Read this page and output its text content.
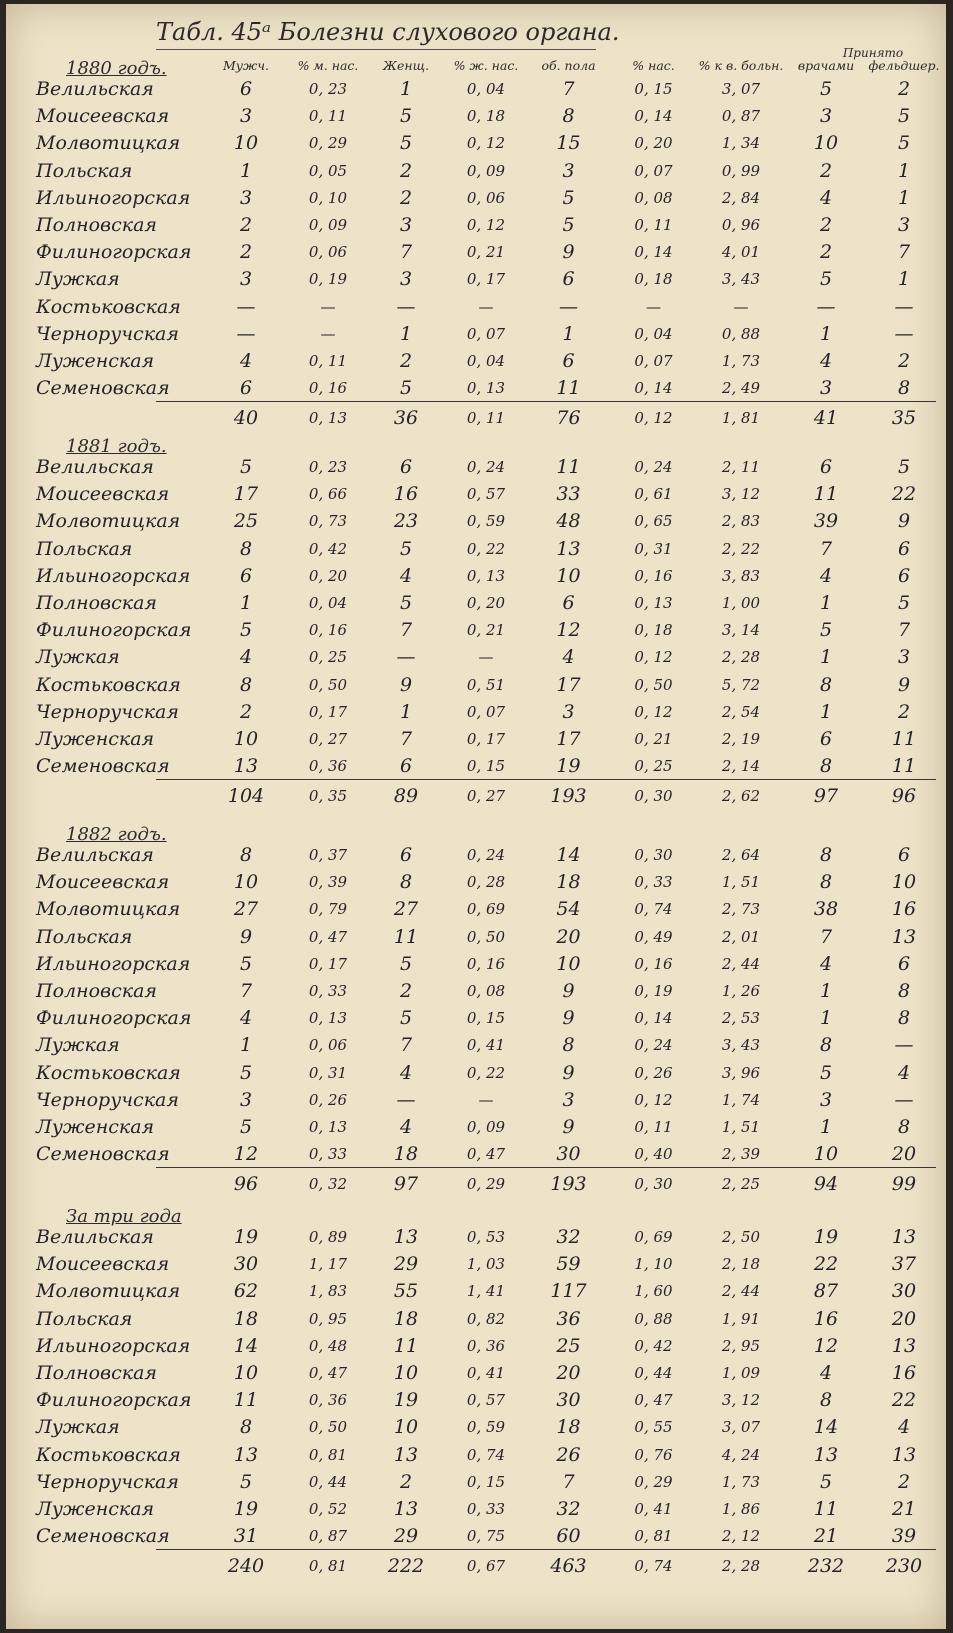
Табл. 45ᵃ Болезни слухового органа.
Мужч.	% м. нас.	Женщ.	% ж. нас.	об. пола	% нас.	% к в. больн.
Принято
врачами	фельдшер.
1880 годъ.
Велильская	6	0, 23	1	0, 04	7	0, 15	3, 07	5	2
Моисеевская	3	0, 11	5	0, 18	8	0, 14	0, 87	3	5
Молвотицкая	10	0, 29	5	0, 12	15	0, 20	1, 34	10	5
Польская	1	0, 05	2	0, 09	3	0, 07	0, 99	2	1
Ильиногорская	3	0, 10	2	0, 06	5	0, 08	2, 84	4	1
Полновская	2	0, 09	3	0, 12	5	0, 11	0, 96	2	3
Филиногорская	2	0, 06	7	0, 21	9	0, 14	4, 01	2	7
Лужкая	3	0, 19	3	0, 17	6	0, 18	3, 43	5	1
Костьковская	—	—	—	—	—	—	—	—	—
Черноручская	—	—	1	0, 07	1	0, 04	0, 88	1	—
Луженская	4	0, 11	2	0, 04	6	0, 07	1, 73	4	2
Семеновская	6	0, 16	5	0, 13	11	0, 14	2, 49	3	8
40	0, 13	36	0, 11	76	0, 12	1, 81	41	35
1881 годъ.
Велильская	5	0, 23	6	0, 24	11	0, 24	2, 11	6	5
Моисеевская	17	0, 66	16	0, 57	33	0, 61	3, 12	11	22
Молвотицкая	25	0, 73	23	0, 59	48	0, 65	2, 83	39	9
Польская	8	0, 42	5	0, 22	13	0, 31	2, 22	7	6
Ильиногорская	6	0, 20	4	0, 13	10	0, 16	3, 83	4	6
Полновская	1	0, 04	5	0, 20	6	0, 13	1, 00	1	5
Филиногорская	5	0, 16	7	0, 21	12	0, 18	3, 14	5	7
Лужкая	4	0, 25	—	—	4	0, 12	2, 28	1	3
Костьковская	8	0, 50	9	0, 51	17	0, 50	5, 72	8	9
Черноручская	2	0, 17	1	0, 07	3	0, 12	2, 54	1	2
Луженская	10	0, 27	7	0, 17	17	0, 21	2, 19	6	11
Семеновская	13	0, 36	6	0, 15	19	0, 25	2, 14	8	11
104	0, 35	89	0, 27	193	0, 30	2, 62	97	96
1882 годъ.
Велильская	8	0, 37	6	0, 24	14	0, 30	2, 64	8	6
Моисеевская	10	0, 39	8	0, 28	18	0, 33	1, 51	8	10
Молвотицкая	27	0, 79	27	0, 69	54	0, 74	2, 73	38	16
Польская	9	0, 47	11	0, 50	20	0, 49	2, 01	7	13
Ильиногорская	5	0, 17	5	0, 16	10	0, 16	2, 44	4	6
Полновская	7	0, 33	2	0, 08	9	0, 19	1, 26	1	8
Филиногорская	4	0, 13	5	0, 15	9	0, 14	2, 53	1	8
Лужкая	1	0, 06	7	0, 41	8	0, 24	3, 43	8	—
Костьковская	5	0, 31	4	0, 22	9	0, 26	3, 96	5	4
Черноручская	3	0, 26	—	—	3	0, 12	1, 74	3	—
Луженская	5	0, 13	4	0, 09	9	0, 11	1, 51	1	8
Семеновская	12	0, 33	18	0, 47	30	0, 40	2, 39	10	20
96	0, 32	97	0, 29	193	0, 30	2, 25	94	99
За три года
Велильская	19	0, 89	13	0, 53	32	0, 69	2, 50	19	13
Моисеевская	30	1, 17	29	1, 03	59	1, 10	2, 18	22	37
Молвотицкая	62	1, 83	55	1, 41	117	1, 60	2, 44	87	30
Польская	18	0, 95	18	0, 82	36	0, 88	1, 91	16	20
Ильиногорская	14	0, 48	11	0, 36	25	0, 42	2, 95	12	13
Полновская	10	0, 47	10	0, 41	20	0, 44	1, 09	4	16
Филиногорская	11	0, 36	19	0, 57	30	0, 47	3, 12	8	22
Лужкая	8	0, 50	10	0, 59	18	0, 55	3, 07	14	4
Костьковская	13	0, 81	13	0, 74	26	0, 76	4, 24	13	13
Черноручская	5	0, 44	2	0, 15	7	0, 29	1, 73	5	2
Луженская	19	0, 52	13	0, 33	32	0, 41	1, 86	11	21
Семеновская	31	0, 87	29	0, 75	60	0, 81	2, 12	21	39
240	0, 81	222	0, 67	463	0, 74	2, 28	232	230
